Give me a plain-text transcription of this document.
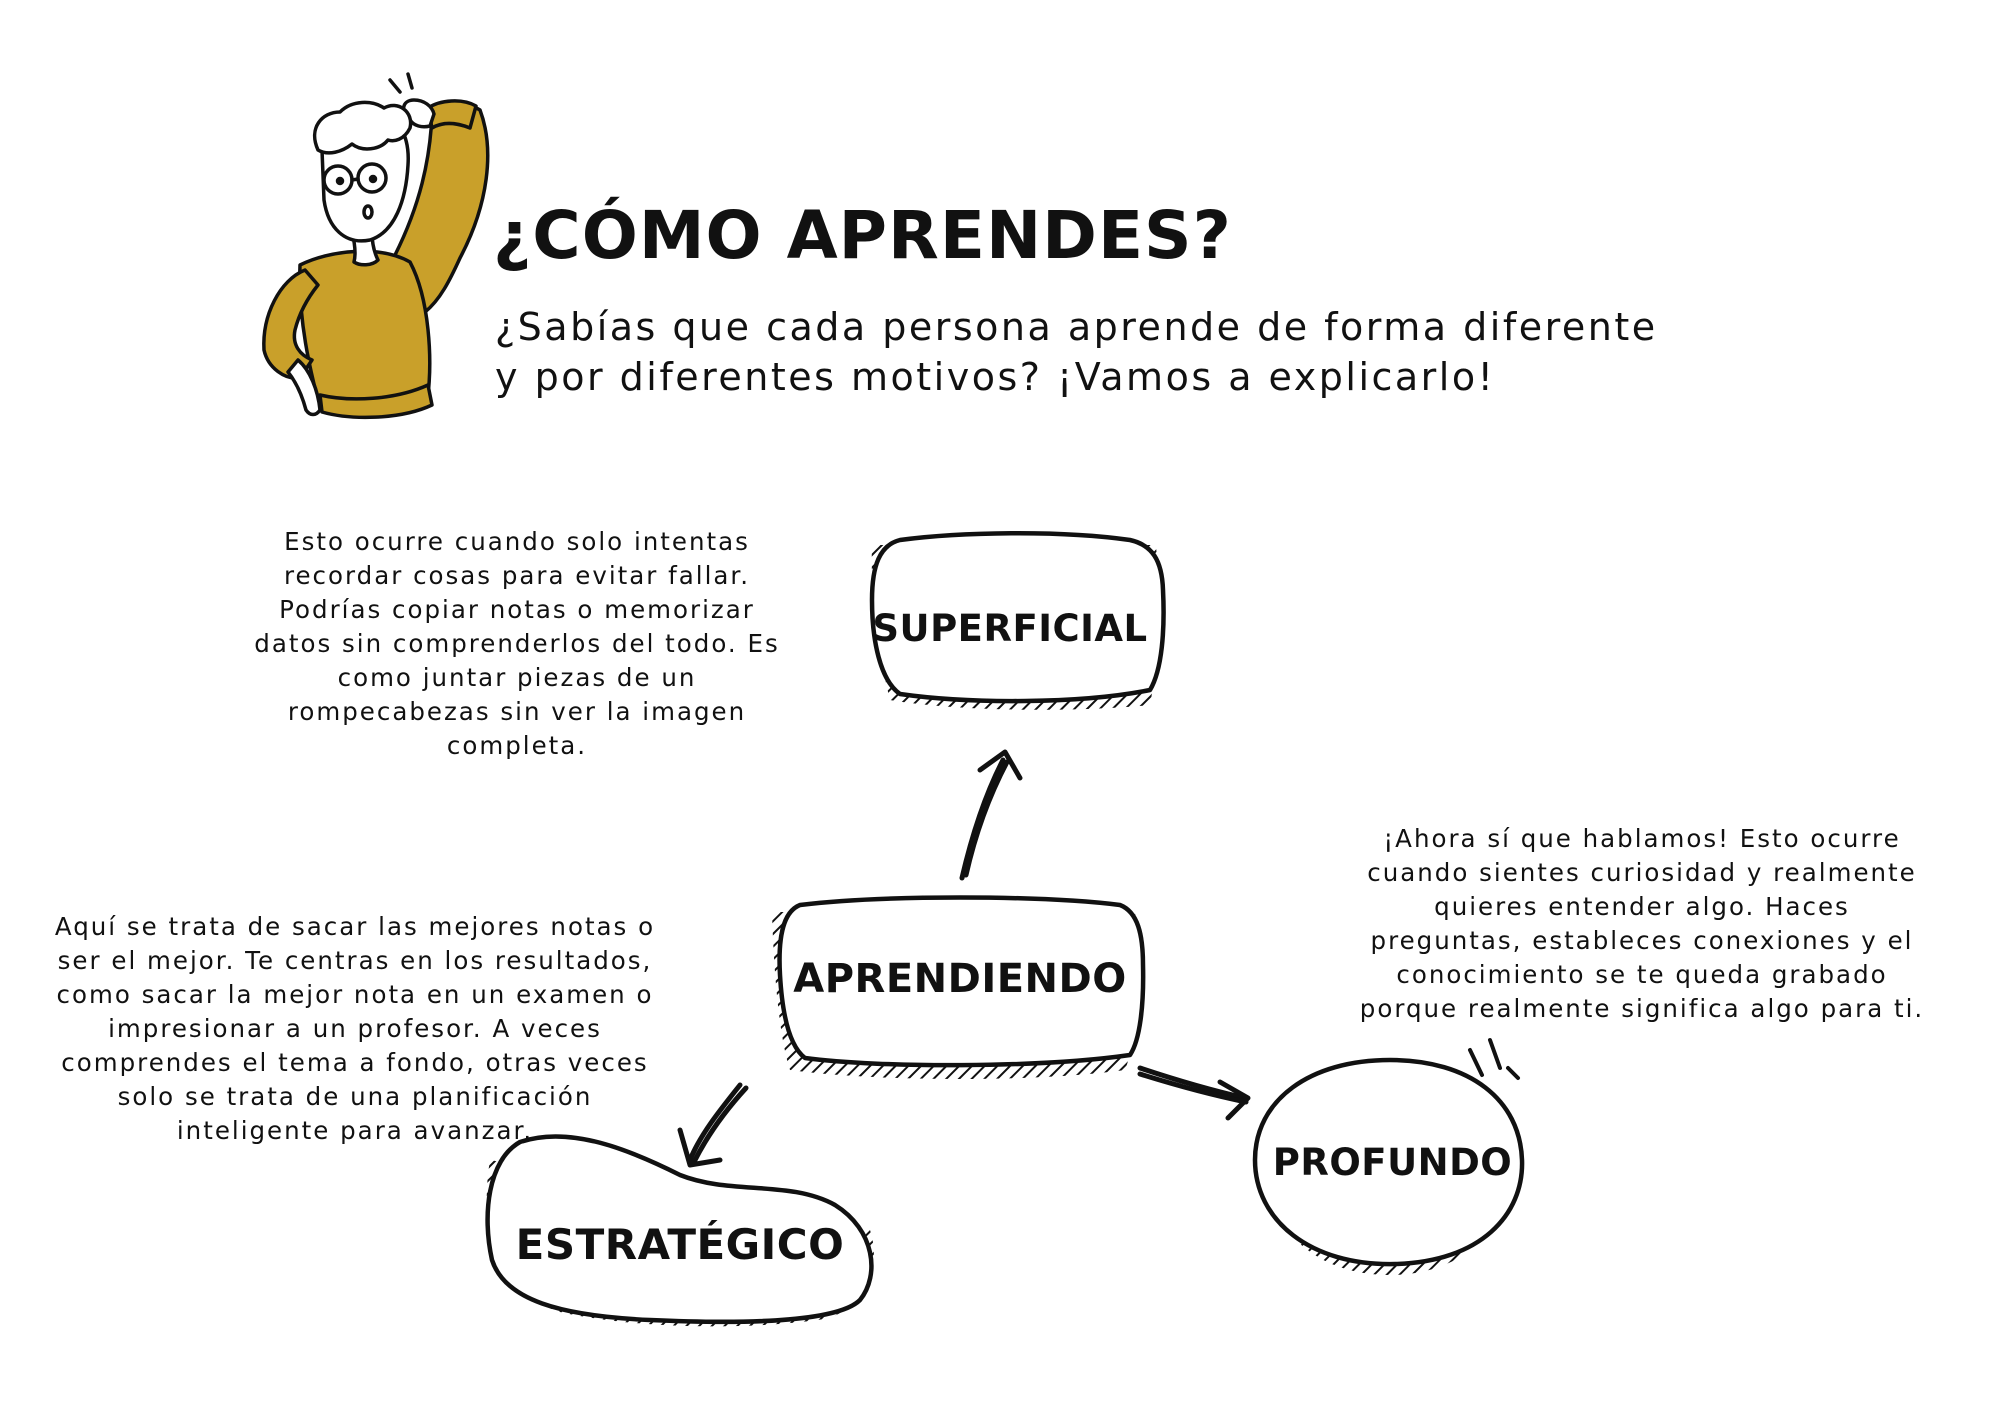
¿CÓMO APRENDES?
¿Sabías que cada persona aprende de forma diferente
y por diferentes motivos? ¡Vamos a explicarlo!
SUPERFICIAL
APRENDIENDO
ESTRATÉGICO
PROFUNDO
Esto ocurre cuando solo intentas
recordar cosas para evitar fallar.
Podrías copiar notas o memorizar
datos sin comprenderlos del todo. Es
como juntar piezas de un
rompecabezas sin ver la imagen
completa.
Aquí se trata de sacar las mejores notas o
ser el mejor. Te centras en los resultados,
como sacar la mejor nota en un examen o
impresionar a un profesor. A veces
comprendes el tema a fondo, otras veces
solo se trata de una planificación
inteligente para avanzar.
¡Ahora sí que hablamos! Esto ocurre
cuando sientes curiosidad y realmente
quieres entender algo. Haces
preguntas, estableces conexiones y el
conocimiento se te queda grabado
porque realmente significa algo para ti.
